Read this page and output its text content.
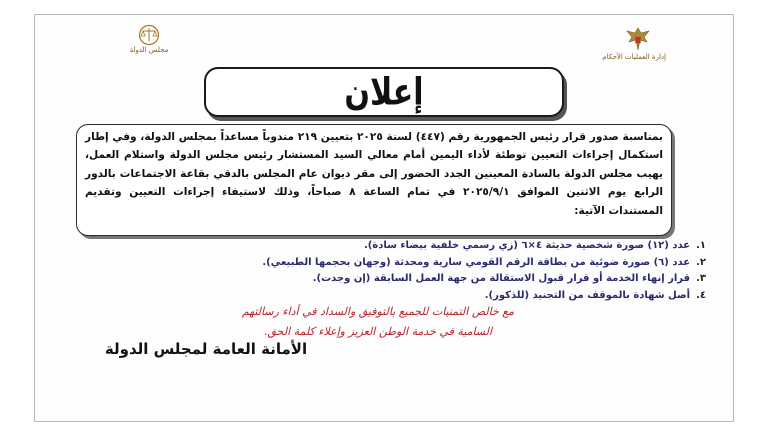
إدارة العمليات الأحكام
مجلس الدولة
إعلان

بمناسبة صدور قرار رئيس الجمهورية رقم (٤٤٧) لسنة ٢٠٢٥ بتعيين ٢١٩ مندوباً مساعداً بمجلس الدولة، وفي إطار استكمال إجراءات التعيين توطئة لأداء اليمين أمام معالي السيد المستشار رئيس مجلس الدولة واستلام العمل، يهيب مجلس الدولة بالسادة المعينين الجدد الحضور إلى مقر ديوان عام المجلس بالدقي بقاعة الاجتماعات بالدور الرابع يوم الاثنين الموافق ٢٠٢٥/٩/١ في تمام الساعة ٨ صباحاً، وذلك لاستيفاء إجراءات التعيين وتقديم المستندات الآتية:

١.عدد (١٢) صورة شخصية حديثة ٤×٦ (زي رسمي خلفية بيضاء سادة).
٢.عدد (٦) صورة ضوئية من بطاقة الرقم القومي سارية ومحدثة (وجهان بحجمها الطبيعي).
٣.قرار إنهاء الخدمة أو قرار قبول الاستقالة من جهة العمل السابقة (إن وجدت).
٤.أصل شهادة بالموقف من التجنيد (للذكور).
مع خالص التمنيات للجميع بالتوفيق والسداد في أداء رسالتهم
السامية في خدمة الوطن العزيز وإعلاء كلمة الحق.
الأمانة العامة لمجلس الدولة
